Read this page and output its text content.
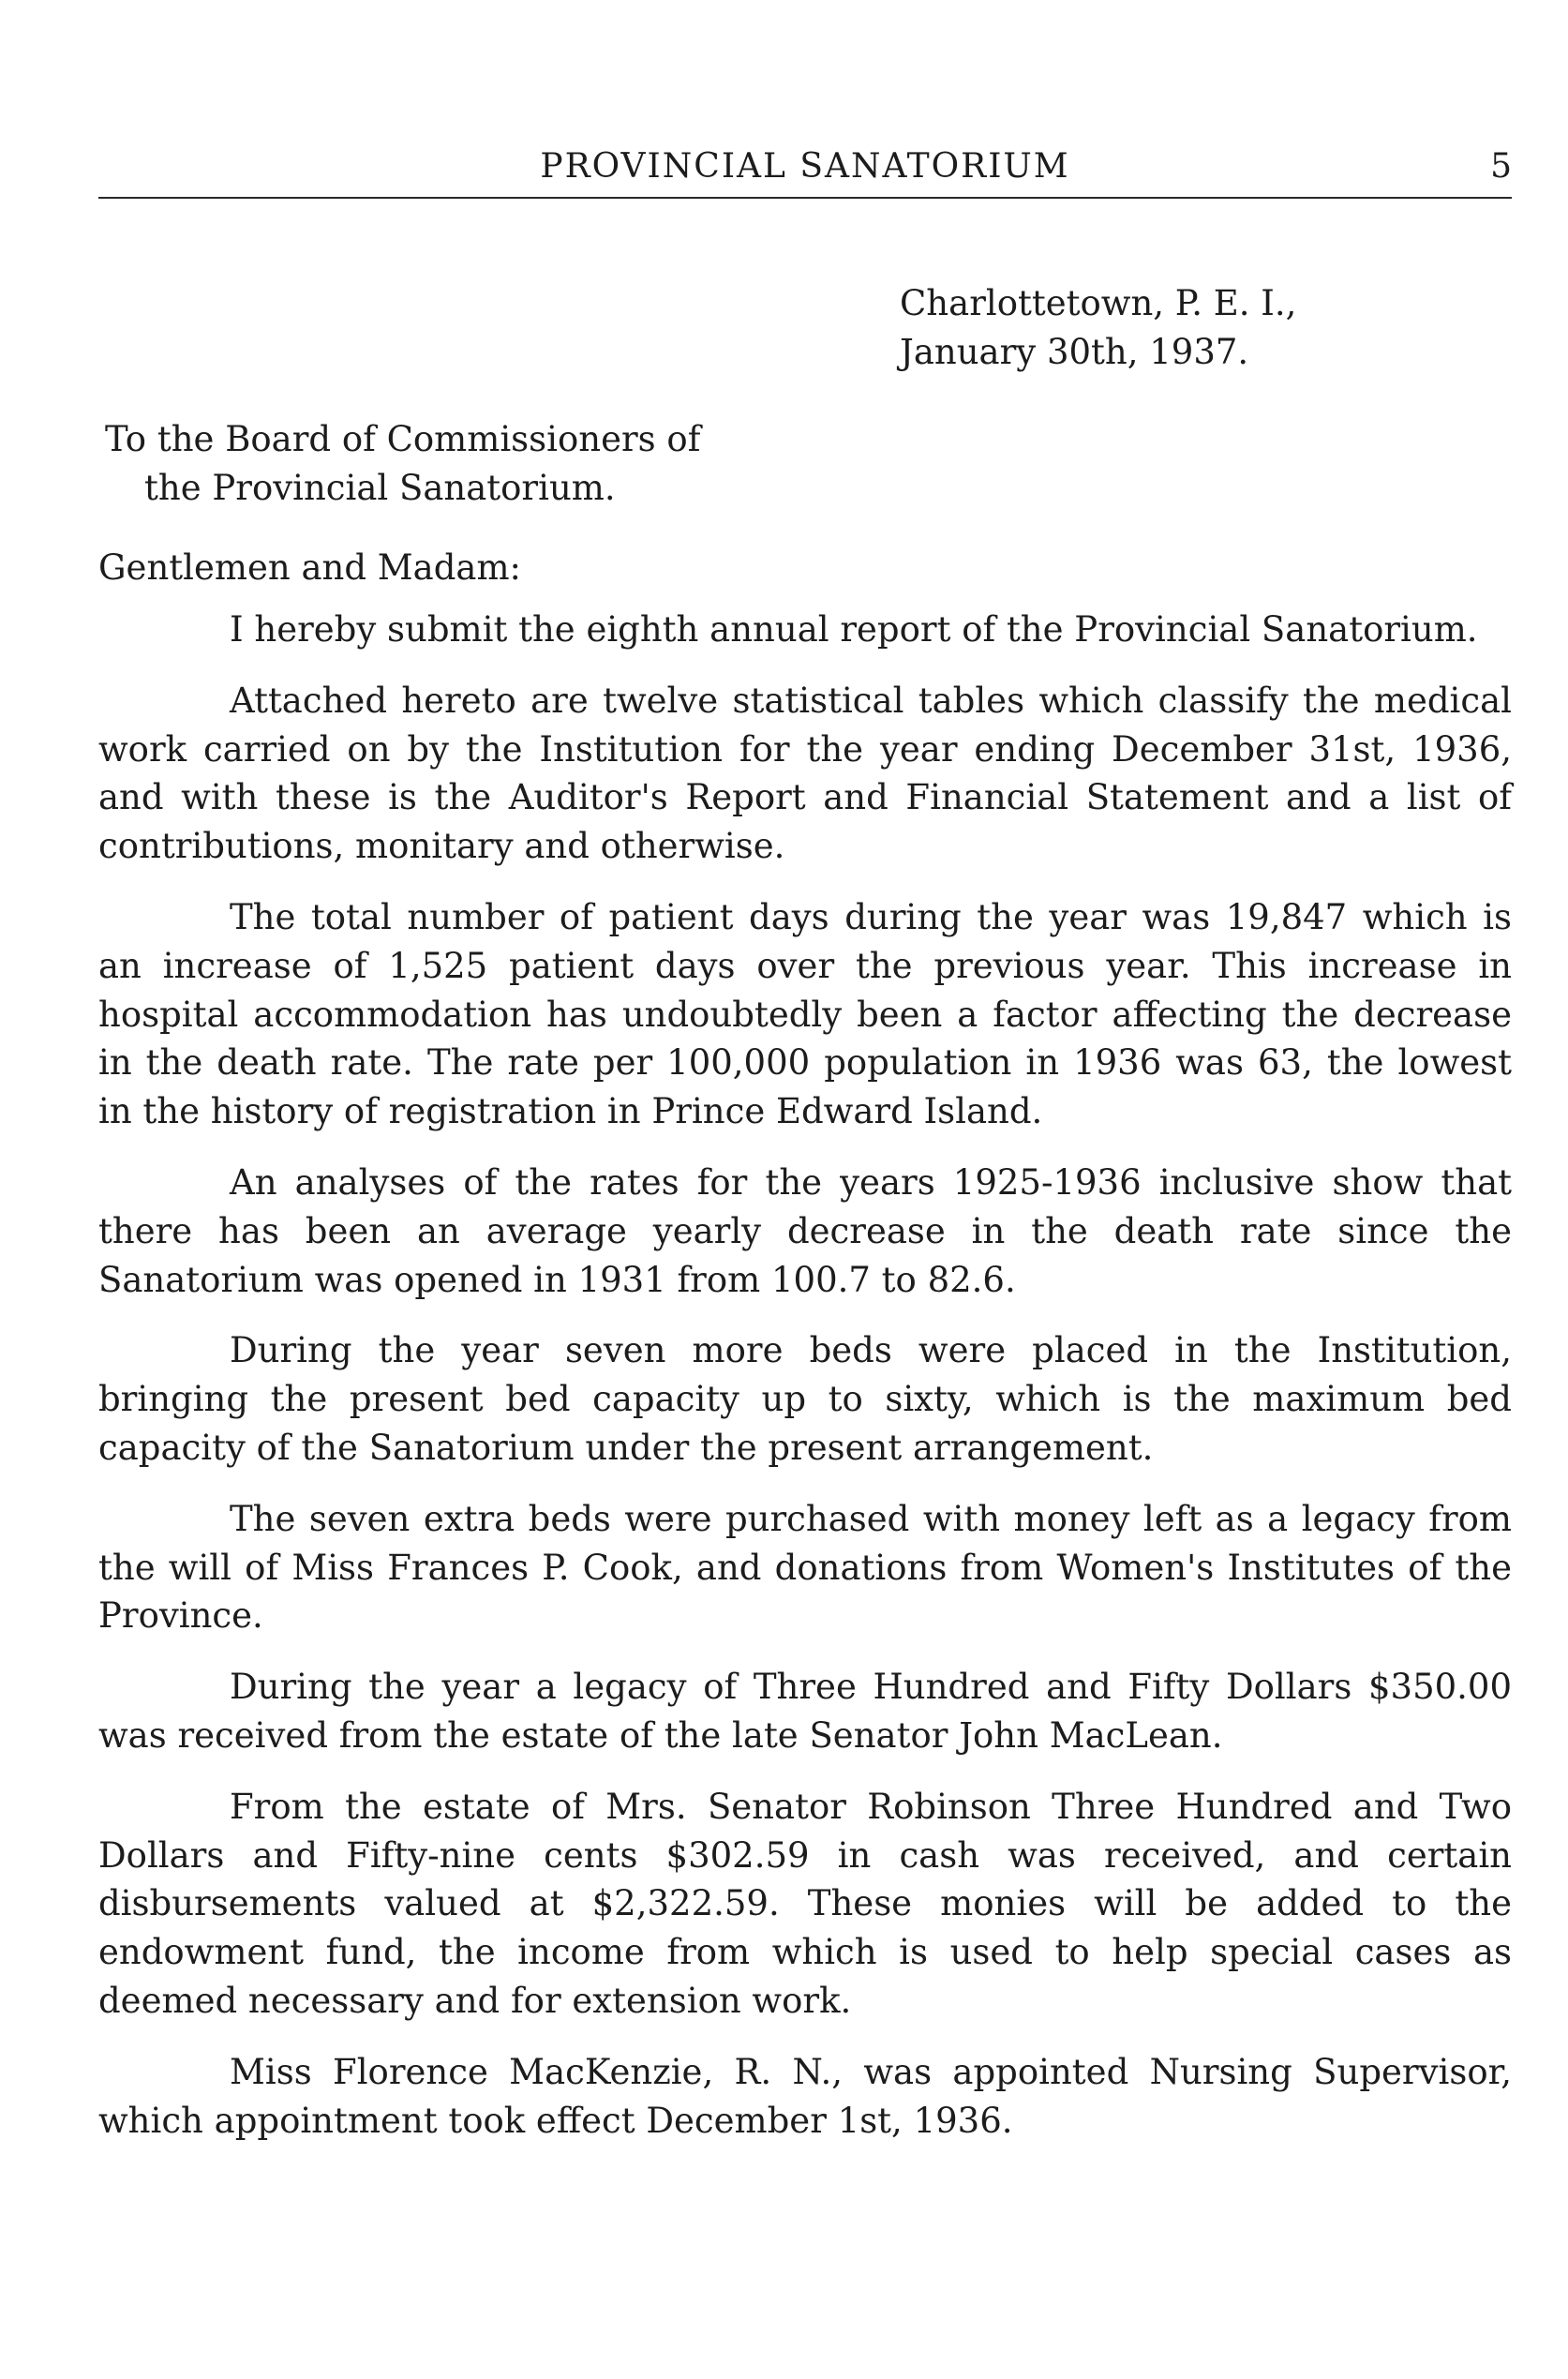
PROVINCIAL SANATORIUM	5
Charlottetown, P. E. I.,
January 30th, 1937.
To the Board of Commissioners of
the Provincial Sanatorium.
Gentlemen and Madam:

I hereby submit the eighth annual report of the Provincial Sanatorium.

Attached hereto are twelve statistical tables which classify the medical work carried on by the Institution for the year ending December 31st, 1936, and with these is the Auditor's Report and Financial Statement and a list of contributions, monitary and otherwise.

The total number of patient days during the year was 19,847 which is an increase of 1,525 patient days over the previous year. This increase in hospital accommodation has undoubtedly been a factor affecting the decrease in the death rate. The rate per 100,000 population in 1936 was 63, the lowest in the history of registration in Prince Edward Island.

An analyses of the rates for the years 1925-1936 inclusive show that there has been an average yearly decrease in the death rate since the Sanatorium was opened in 1931 from 100.7 to 82.6.

During the year seven more beds were placed in the Institution, bringing the present bed capacity up to sixty, which is the maximum bed capacity of the Sanatorium under the present arrangement.

The seven extra beds were purchased with money left as a legacy from the will of Miss Frances P. Cook, and donations from Women's Institutes of the Province.

During the year a legacy of Three Hundred and Fifty Dollars $350.00 was received from the estate of the late Senator John MacLean.

From the estate of Mrs. Senator Robinson Three Hundred and Two Dollars and Fifty-nine cents $302.59 in cash was received, and certain disbursements valued at $2,322.59. These monies will be added to the endowment fund, the income from which is used to help special cases as deemed necessary and for extension work.

Miss Florence MacKenzie, R. N., was appointed Nursing Supervisor, which appointment took effect December 1st, 1936.
